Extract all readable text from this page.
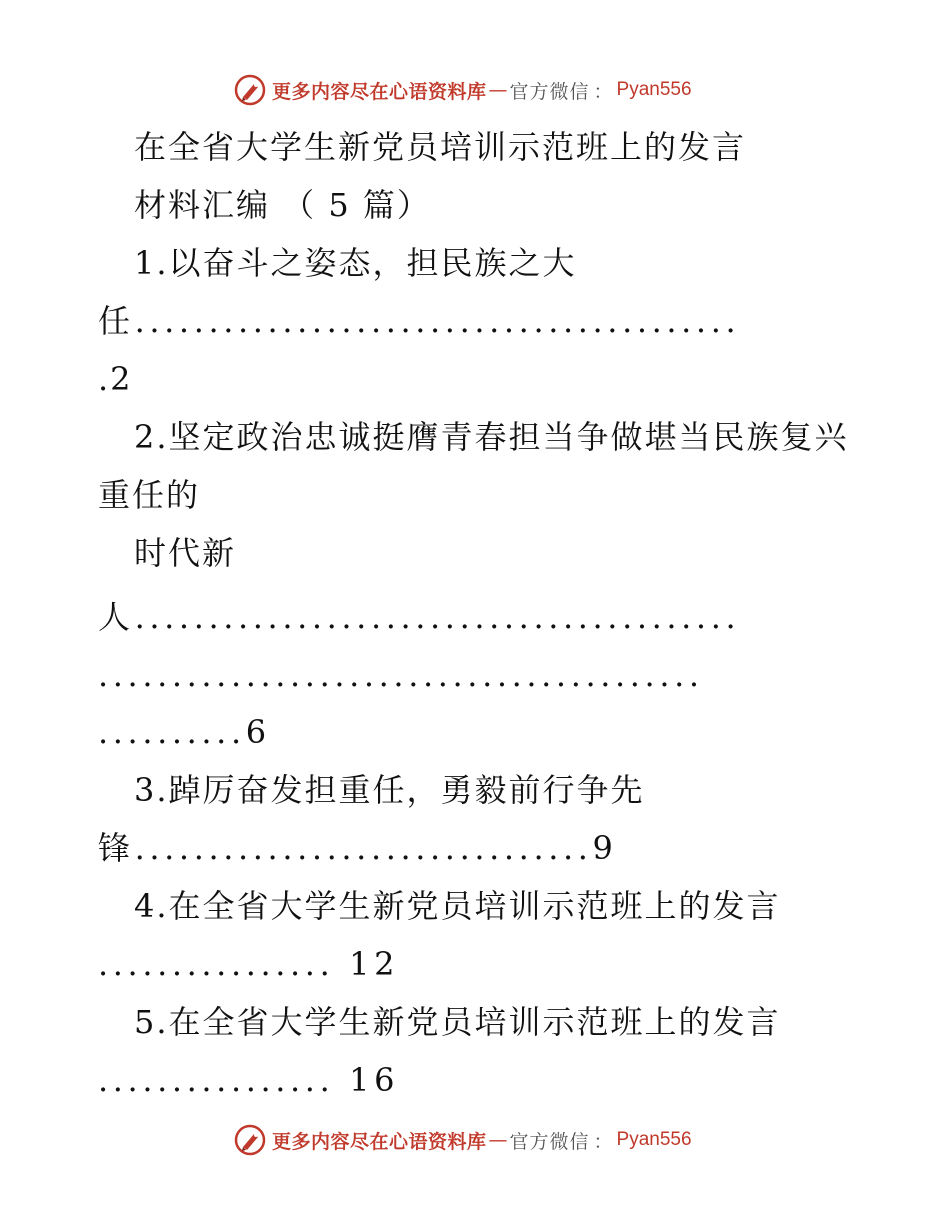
更多内容尽在心语资料库 — 官方微信 ： Pyan556
在全省大学生新党员培训示范班上的发言
材料汇编 （ 5 篇）
1.以奋斗之姿态，担民族之大
任.........................................
.2
2.坚定政治忠诚挺膺青春担当争做堪当民族复兴
重任的
时代新
人.........................................
.........................................
..........6
3.踔厉奋发担重任，勇毅前行争先
锋...............................9
4.在全省大学生新党员培训示范班上的发言
................ 12
5.在全省大学生新党员培训示范班上的发言
................ 16
更多内容尽在心语资料库 — 官方微信 ： Pyan556
